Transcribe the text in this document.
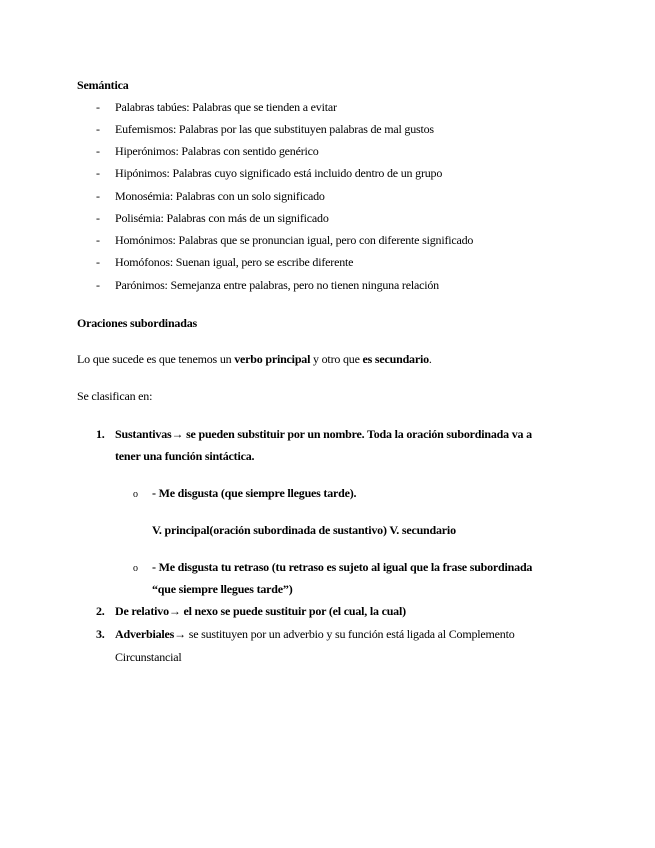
Semántica
- Palabras tabúes: Palabras que se tienden a evitar
- Eufemismos: Palabras por las que substituyen palabras de mal gustos
- Hiperónimos: Palabras con sentido genérico
- Hipónimos: Palabras cuyo significado está incluido dentro de un grupo
- Monosémia: Palabras con un solo significado
- Polisémia: Palabras con más de un significado
- Homónimos: Palabras que se pronuncian igual, pero con diferente significado
- Homófonos: Suenan igual, pero se escribe diferente
- Parónimos: Semejanza entre palabras, pero no tienen ninguna relación
Oraciones subordinadas
Lo que sucede es que tenemos un verbo principal y otro que es secundario.
Se clasifican en:
1. Sustantivas→ se pueden substituir por un nombre. Toda la oración subordinada va a
tener una función sintáctica.
o - Me disgusta (que siempre llegues tarde).
V. principal(oración subordinada de sustantivo) V. secundario
o - Me disgusta tu retraso (tu retraso es sujeto al igual que la frase subordinada
“que siempre llegues tarde”)
2. De relativo→ el nexo se puede sustituir por (el cual, la cual)
3. Adverbiales→ se sustituyen por un adverbio y su función está ligada al Complemento
Circunstancial
